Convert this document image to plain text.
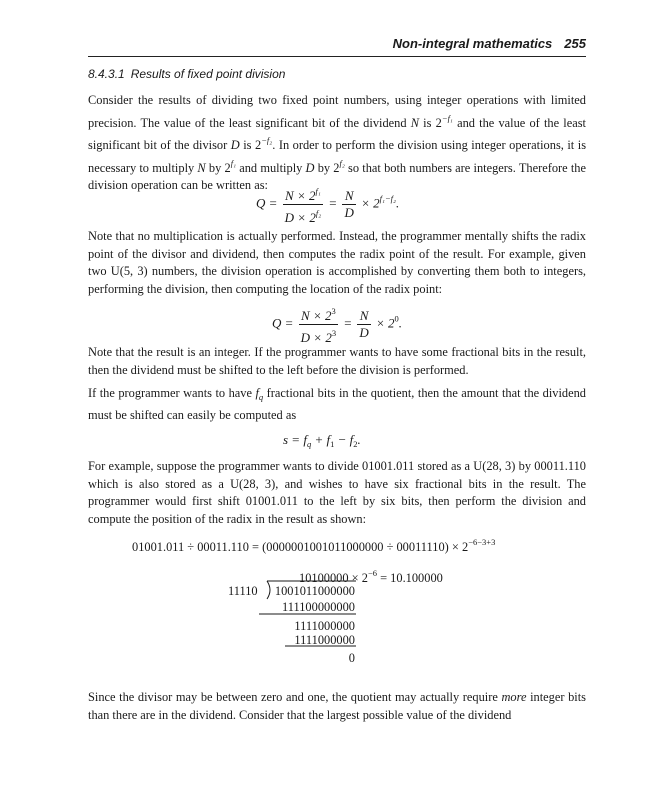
Non-integral mathematics 255
8.4.3.1 Results of fixed point division

Consider the results of dividing two fixed point numbers, using integer operations with limited precision. The value of the least significant bit of the dividend N is $2^{-f_1}$ and the value of the least significant bit of the divisor D is $2^{-f_2}$. In order to perform the division using integer operations, it is necessary to multiply N by $2^{f_1}$ and multiply D by $2^{f_2}$ so that both numbers are integers. Therefore the division operation can be written as:

$Q = \frac{N \times 2^{f_1}}{D \times 2^{f_2}} = \frac{N}{D} \times 2^{f_1-f_2}$.

Note that no multiplication is actually performed. Instead, the programmer mentally shifts the radix point of the divisor and dividend, then computes the radix point of the result. For example, given two U(5, 3) numbers, the division operation is accomplished by converting them both to integers, performing the division, then computing the location of the radix point:

$Q = \frac{N \times 2^3}{D \times 2^3} = \frac{N}{D} \times 2^0$.

Note that the result is an integer. If the programmer wants to have some fractional bits in the result, then the dividend must be shifted to the left before the division is performed.

If the programmer wants to have $f_q$ fractional bits in the quotient, then the amount that the dividend must be shifted can easily be computed as

$s = f_q + f_1 - f_2$.

For example, suppose the programmer wants to divide 01001.011 stored as a U(28, 3) by 00011.110 which is also stored as a U(28, 3), and wishes to have six fractional bits in the result. The programmer would first shift 01001.011 to the left by six bits, then perform the division and compute the position of the radix in the result as shown:

$01001.011 \div 00011.110 = (0000001001011000000 \div 00011110) \times 2^{-6-3+3}$
$10100000 \times 2^{-6} = 10.100000$
11110 1001011000000
111100000000
1111000000
1111000000
0

Since the divisor may be between zero and one, the quotient may actually require more integer bits than there are in the dividend. Consider that the largest possible value of the dividend
